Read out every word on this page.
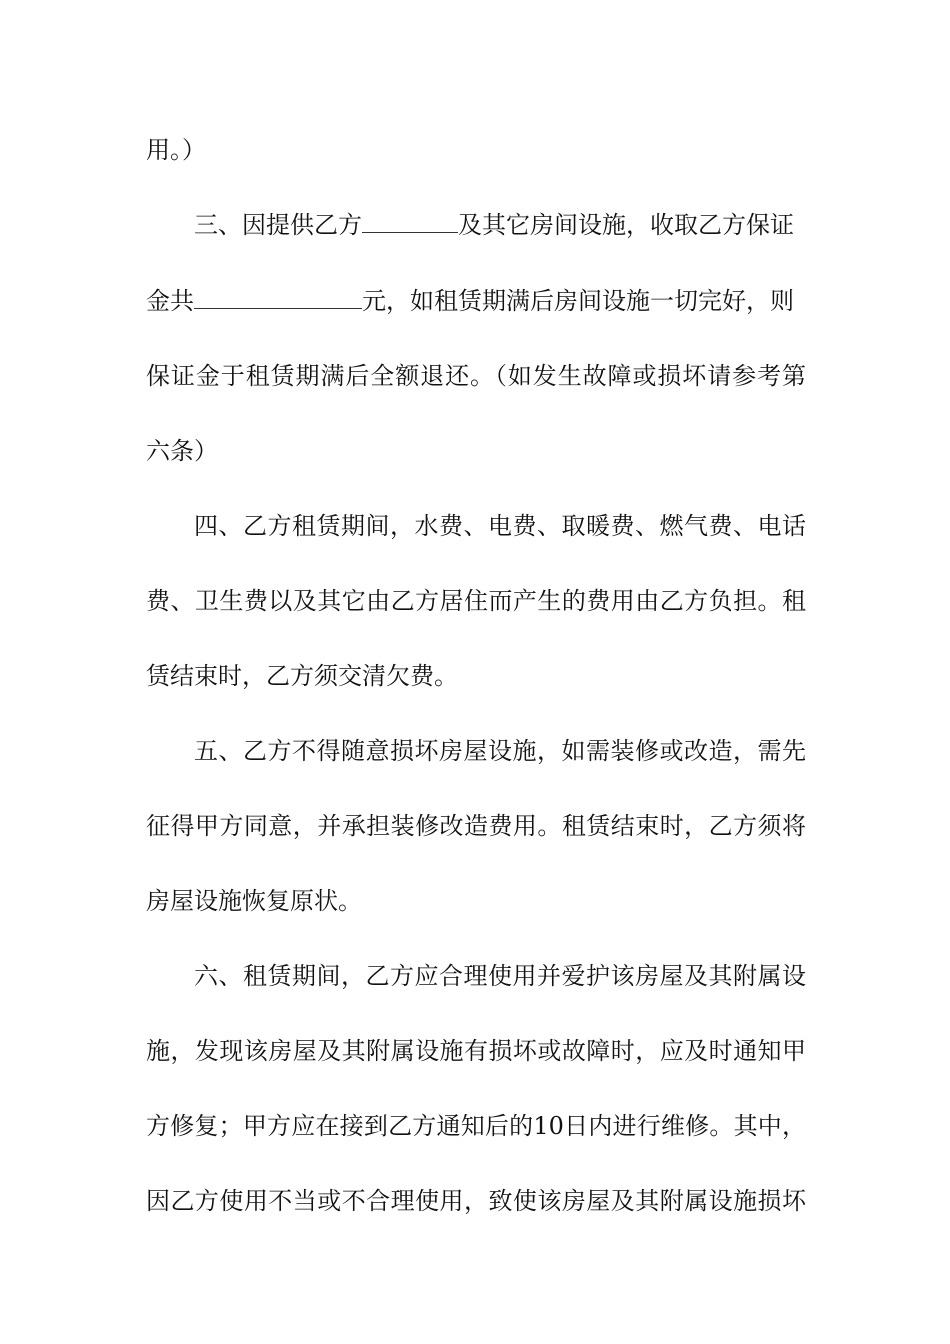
用。）
三、因提供乙方	及其它房间设施，收取乙方保证
金共	元，如租赁期满后房间设施一切完好，则
保证金于租赁期满后全额退还。（如发生故障或损坏请参考第
六条）
四、乙方租赁期间，水费、电费、取暖费、燃气费、电话
费、卫生费以及其它由乙方居住而产生的费用由乙方负担。租
赁结束时，乙方须交清欠费。
五、乙方不得随意损坏房屋设施，如需装修或改造，需先
征得甲方同意，并承担装修改造费用。租赁结束时，乙方须将
房屋设施恢复原状。
六、租赁期间，乙方应合理使用并爱护该房屋及其附属设
施，发现该房屋及其附属设施有损坏或故障时，应及时通知甲
方修复；甲方应在接到乙方通知后的10日内进行维修。其中，
因乙方使用不当或不合理使用，致使该房屋及其附属设施损坏
